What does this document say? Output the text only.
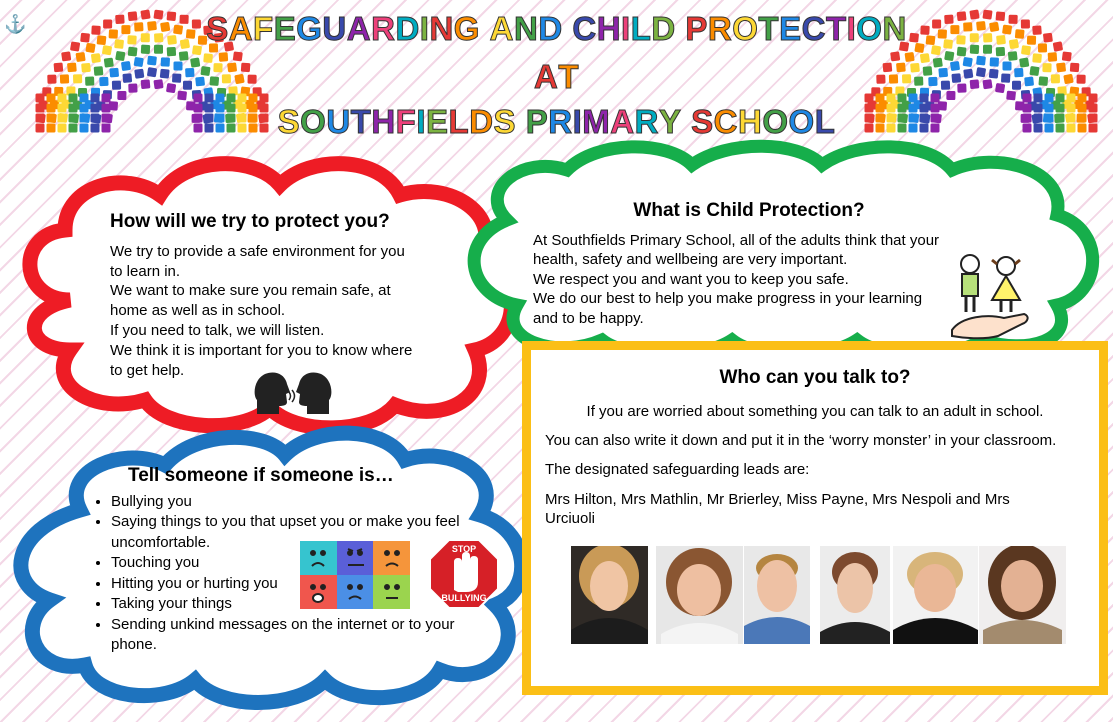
⚓	SAFEGUARDING AND CHILD PROTECTION
AT
SOUTHFIELDS PRIMARY SCHOOL
How will we try to protect you?

We try to provide a safe environment for you

to learn in.

We want to make sure you remain safe, at

home as well as in school.

If you need to talk, we will listen.

We think it is important for you to know where

to get help.

What is Child Protection?

At Southfields Primary School, all of the adults think that your

health, safety and wellbeing are very important.

We respect you and want you to keep you safe.

We do our best to help you make progress in your learning

and to be happy.

Tell someone if someone is…
• Bullying you
• Saying things to you that upset you or make you feel uncomfortable.
• Touching you
• Hitting you or hurting you
• Taking your things
• Sending unkind messages on the internet or to your phone.
STOP
BULLYING
Who can you talk to?

If you are worried about something you can talk to an adult in school.

You can also write it down and put it in the ‘worry monster’ in your classroom.

The designated safeguarding leads are:

Mrs Hilton, Mrs Mathlin, Mr Brierley, Miss Payne, Mrs Nespoli and Mrs Urciuoli
